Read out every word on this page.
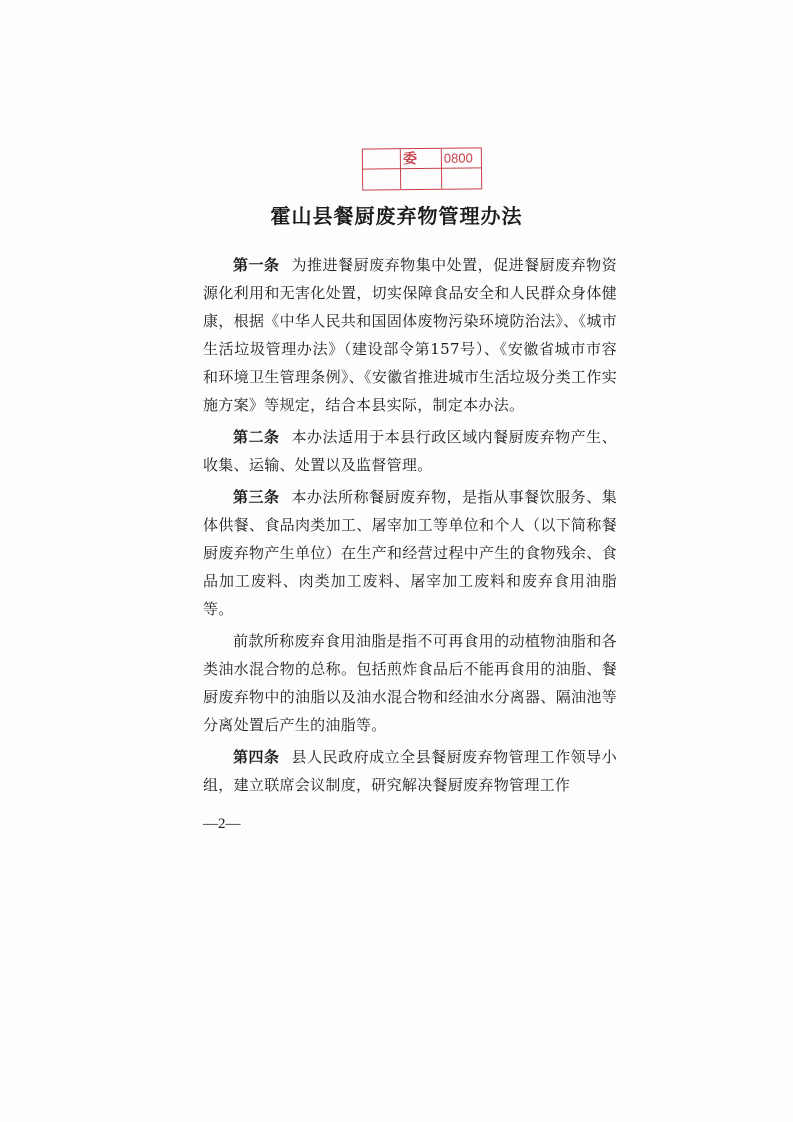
委 0800
霍山县餐厨废弃物管理办法

第一条 为推进餐厨废弃物集中处置，促进餐厨废弃物资源化利用和无害化处置，切实保障食品安全和人民群众身体健康，根据《中华人民共和国固体废物污染环境防治法》、《城市生活垃圾管理办法》（建设部令第157号）、《安徽省城市市容和环境卫生管理条例》、《安徽省推进城市生活垃圾分类工作实施方案》等规定，结合本县实际，制定本办法。

第二条 本办法适用于本县行政区域内餐厨废弃物产生、收集、运输、处置以及监督管理。

第三条 本办法所称餐厨废弃物，是指从事餐饮服务、集体供餐、食品肉类加工、屠宰加工等单位和个人（以下简称餐厨废弃物产生单位）在生产和经营过程中产生的食物残余、食品加工废料、肉类加工废料、屠宰加工废料和废弃食用油脂等。

前款所称废弃食用油脂是指不可再食用的动植物油脂和各类油水混合物的总称。包括煎炸食品后不能再食用的油脂、餐厨废弃物中的油脂以及油水混合物和经油水分离器、隔油池等分离处置后产生的油脂等。

第四条 县人民政府成立全县餐厨废弃物管理工作领导小组，建立联席会议制度，研究解决餐厨废弃物管理工作

—2—
